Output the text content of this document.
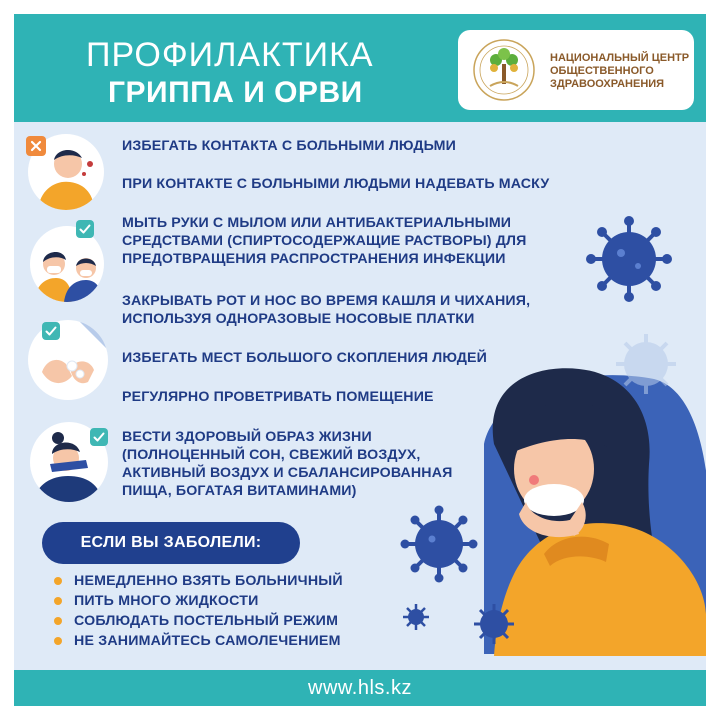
ПРОФИЛАКТИКА
ГРИППА И ОРВИ
НАЦИОНАЛЬНЫЙ ЦЕНТР
ОБЩЕСТВЕННОГО
ЗДРАВООХРАНЕНИЯ
ИЗБЕГАТЬ КОНТАКТА С БОЛЬНЫМИ ЛЮДЬМИ
ПРИ КОНТАКТЕ С БОЛЬНЫМИ ЛЮДЬМИ НАДЕВАТЬ МАСКУ
МЫТЬ РУКИ С МЫЛОМ ИЛИ АНТИБАКТЕРИАЛЬНЫМИ
СРЕДСТВАМИ (СПИРТОСОДЕРЖАЩИЕ РАСТВОРЫ) ДЛЯ
ПРЕДОТВРАЩЕНИЯ РАСПРОСТРАНЕНИЯ ИНФЕКЦИИ
ЗАКРЫВАТЬ РОТ И НОС ВО ВРЕМЯ КАШЛЯ И ЧИХАНИЯ,
ИСПОЛЬЗУЯ ОДНОРАЗОВЫЕ НОСОВЫЕ ПЛАТКИ
ИЗБЕГАТЬ МЕСТ БОЛЬШОГО СКОПЛЕНИЯ ЛЮДЕЙ
РЕГУЛЯРНО ПРОВЕТРИВАТЬ ПОМЕЩЕНИЕ
ВЕСТИ ЗДОРОВЫЙ ОБРАЗ ЖИЗНИ
(ПОЛНОЦЕННЫЙ СОН, СВЕЖИЙ ВОЗДУХ,
АКТИВНЫЙ ВОЗДУХ И СБАЛАНСИРОВАННАЯ
ПИЩА, БОГАТАЯ ВИТАМИНАМИ)
ЕСЛИ ВЫ ЗАБОЛЕЛИ:
НЕМЕДЛЕННО ВЗЯТЬ БОЛЬНИЧНЫЙ
ПИТЬ МНОГО ЖИДКОСТИ
СОБЛЮДАТЬ ПОСТЕЛЬНЫЙ РЕЖИМ
НЕ ЗАНИМАЙТЕСЬ САМОЛЕЧЕНИЕМ
www.hls.kz
